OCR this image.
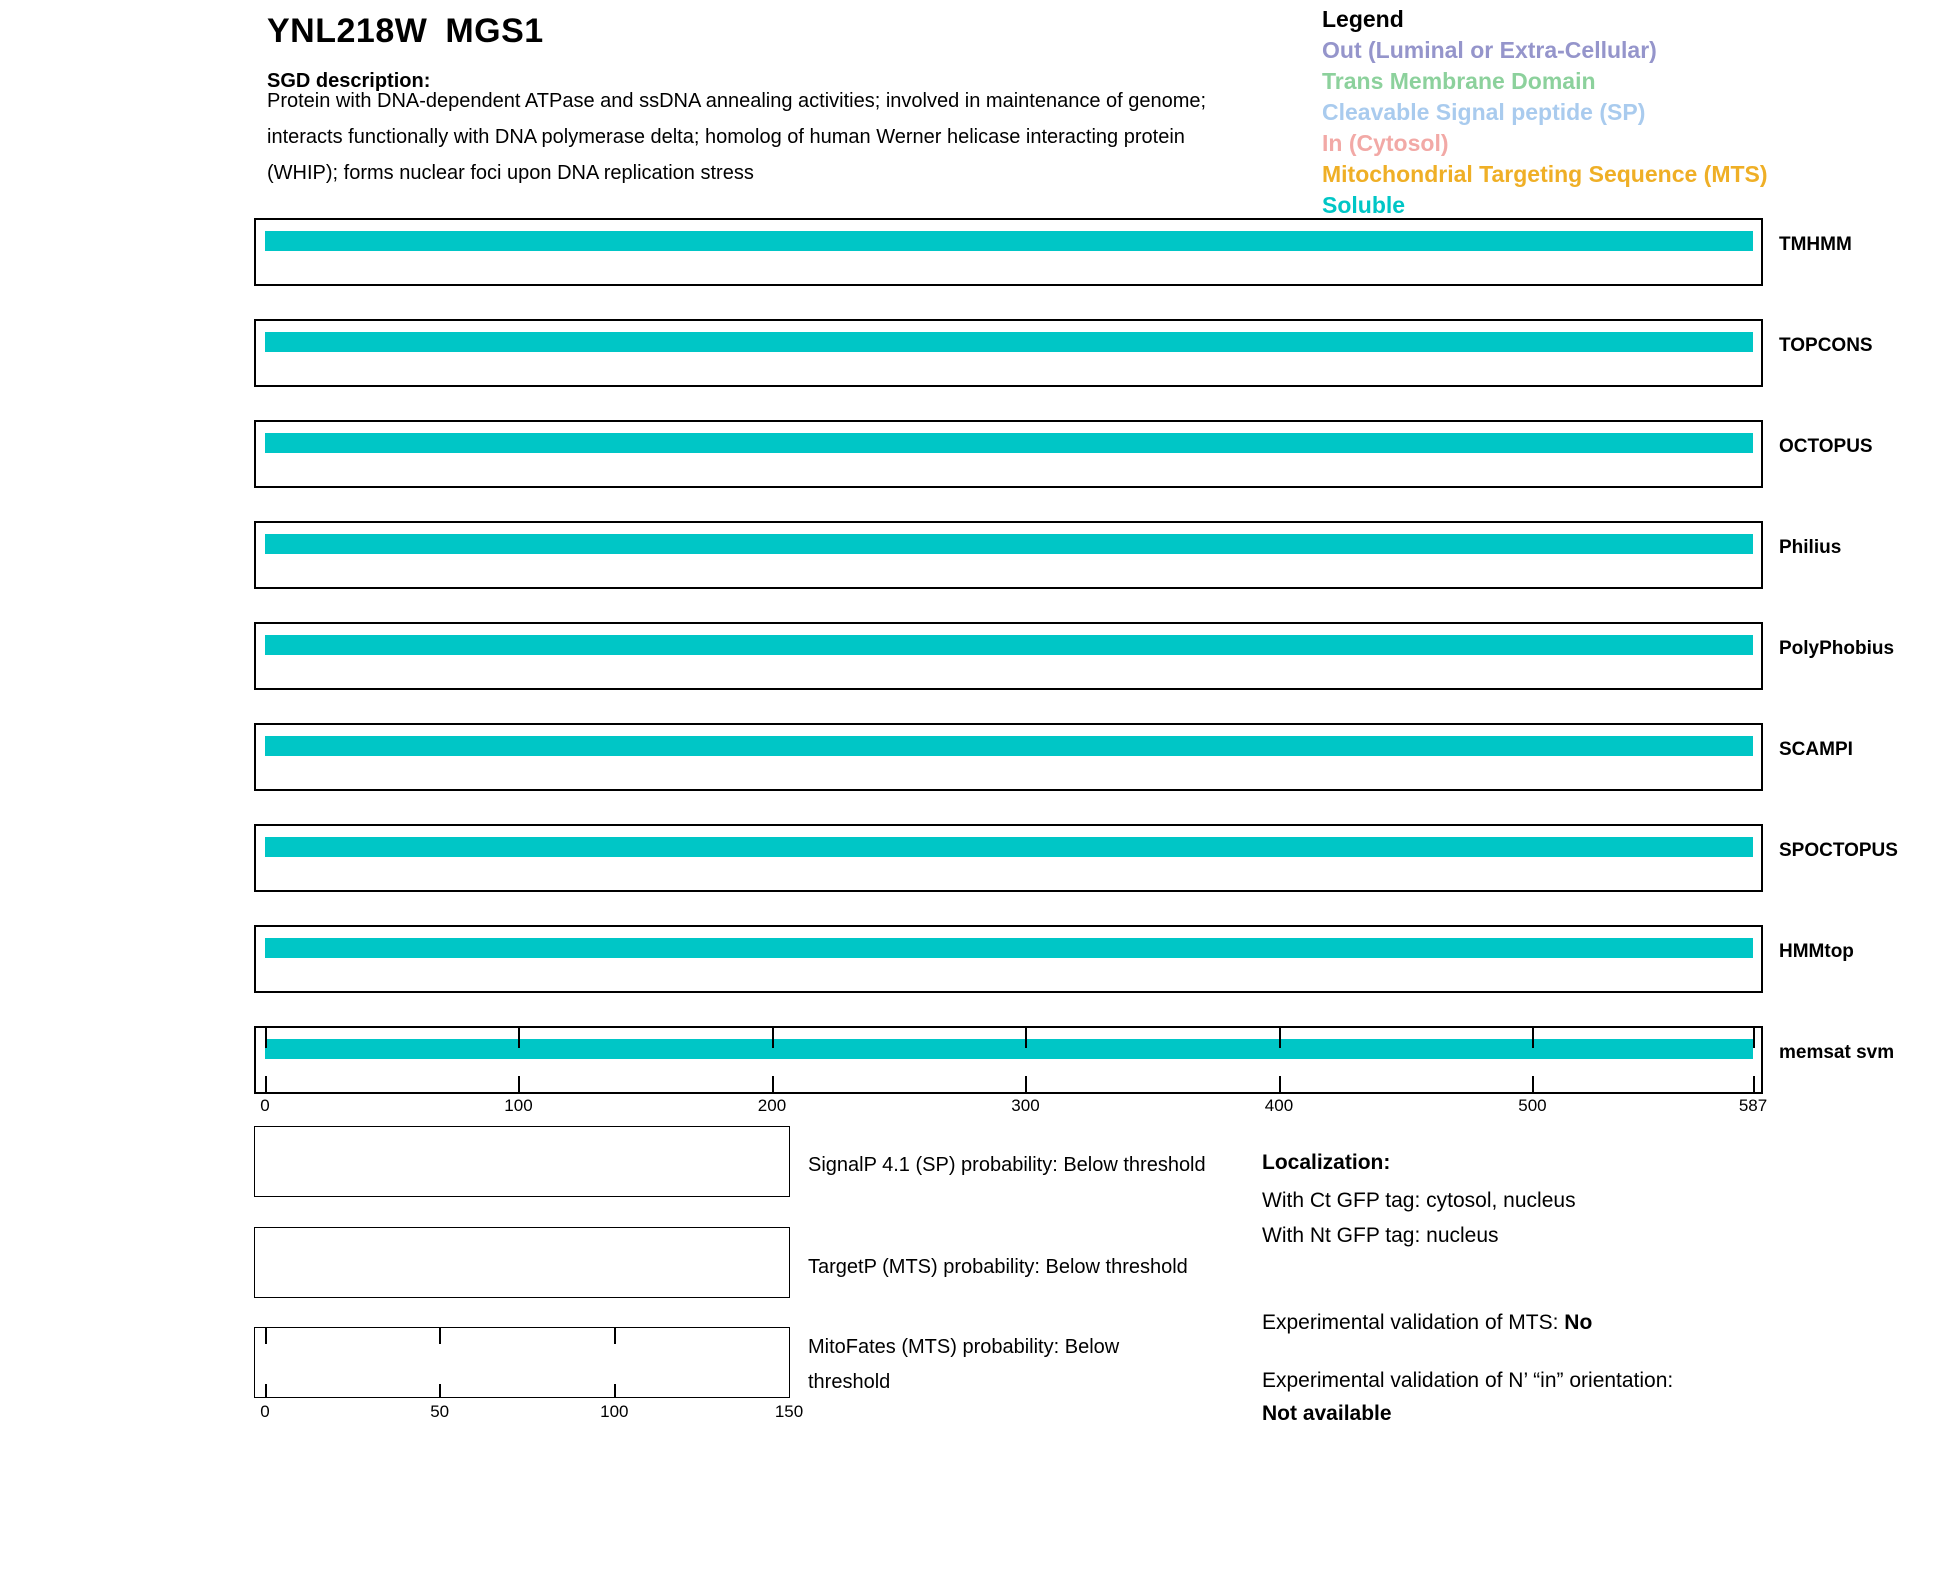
YNL218W MGS1
SGD description:
Protein with DNA-dependent ATPase and ssDNA annealing activities; involved in maintenance of genome;
interacts functionally with DNA polymerase delta; homolog of human Werner helicase interacting protein
(WHIP); forms nuclear foci upon DNA replication stress
Legend
Out (Luminal or Extra-Cellular)
Trans Membrane Domain
Cleavable Signal peptide (SP)
In (Cytosol)
Mitochondrial Targeting Sequence (MTS)
Soluble
TMHMM
TOPCONS
OCTOPUS
Philius
PolyPhobius
SCAMPI
SPOCTOPUS
HMMtop
memsat svm
0	100	200	300	400	500	587
SignalP 4.1 (SP) probability: Below threshold
TargetP (MTS) probability: Below threshold
MitoFates (MTS) probability: Below threshold
0	50	100	150
Localization:
With Ct GFP tag: cytosol, nucleus
With Nt GFP tag: nucleus
Experimental validation of MTS: No
Experimental validation of N’ “in” orientation: Not available
